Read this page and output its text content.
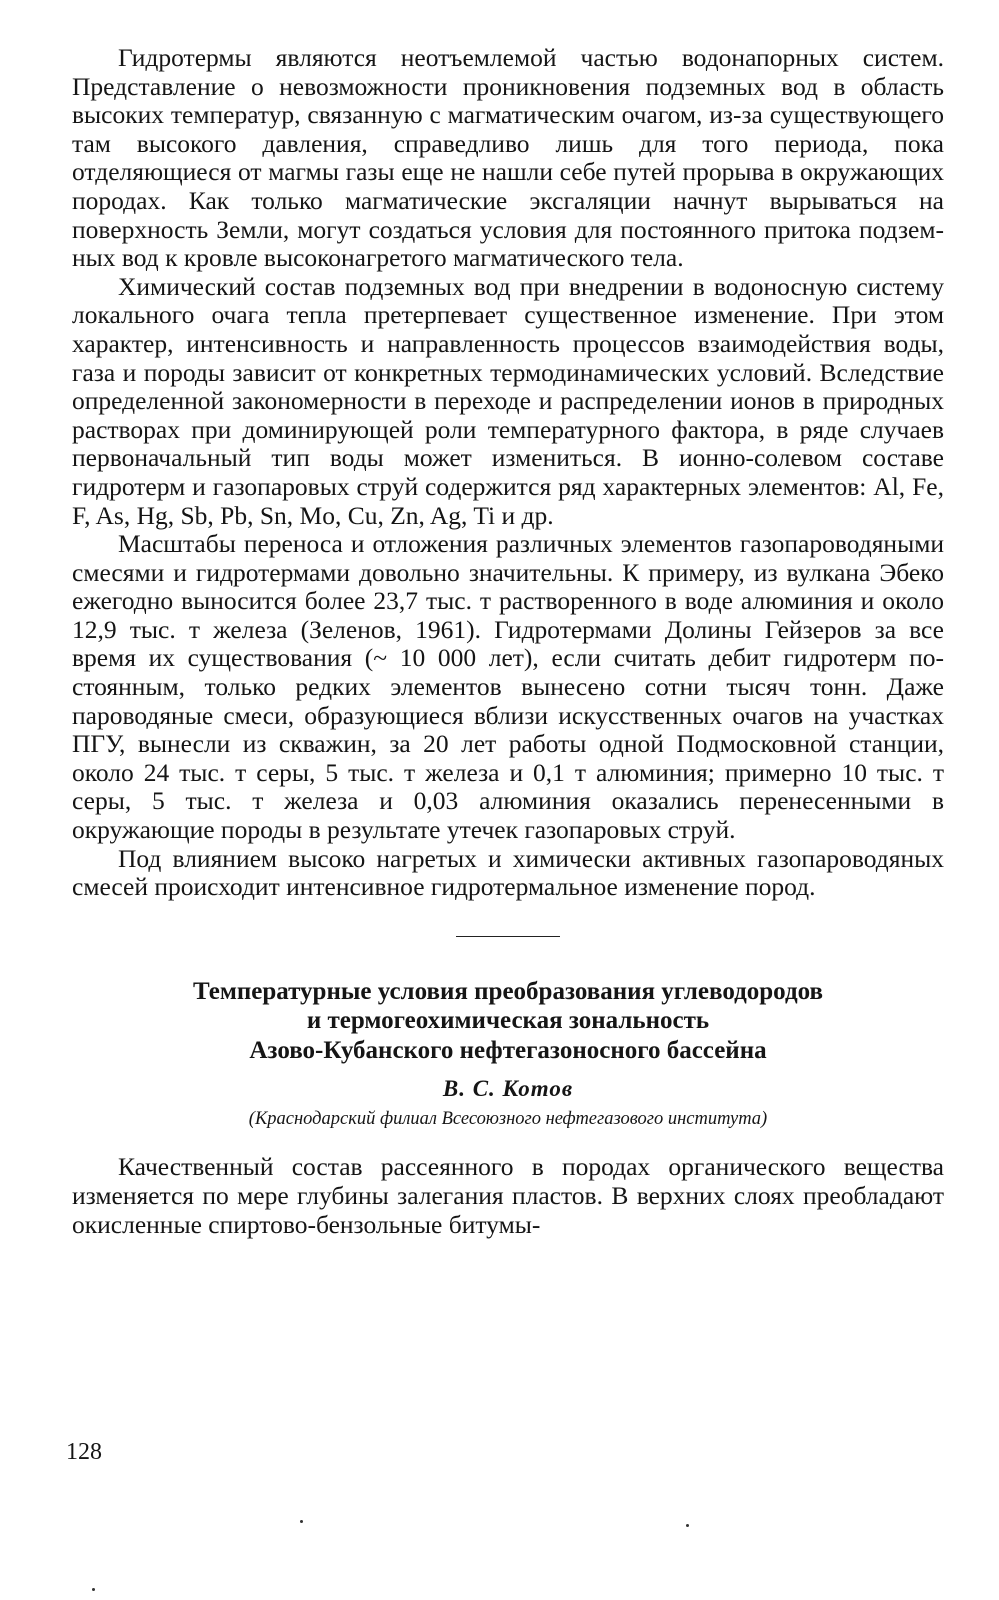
Гидротермы являются неотъемлемой частью водонапорных систем. Представление о невозможности проникновения подземных вод в область высоких температур, связанную с магматическим очагом, из-за существующего там высокого давления, справедливо лишь для того периода, пока отделяющиеся от магмы газы еще не нашли себе путей прорыва в окружающих породах. Как только магматические эксгаляции начнут вырываться на поверхность Земли, могут создаться условия для постоянного притока подземных вод к кровле высоконагретого магматического тела.

Химический состав подземных вод при внедрении в водоносную систему локального очага тепла претерпевает существенное изменение. При этом характер, интенсивность и направленность процессов взаимодействия воды, газа и породы зависит от конкретных термодинамических условий. Вследствие определенной закономерности в переходе и распределении ионов в природных растворах при доминирующей роли температурного фактора, в ряде случаев первоначальный тип воды может измениться. В ионно-солевом составе гидротерм и газопаровых струй содержится ряд характерных элементов: Al, Fe, F, As, Hg, Sb, Pb, Sn, Mo, Cu, Zn, Ag, Ti и др.

Масштабы переноса и отложения различных элементов газопароводяными смесями и гидротермами довольно значительны. К примеру, из вулкана Эбеко ежегодно выносится более 23,7 тыс. т растворенного в воде алюминия и около 12,9 тыс. т железа (Зеленов, 1961). Гидротермами Долины Гейзеров за все время их существования (~ 10 000 лет), если считать дебит гидротерм постоянным, только редких элементов вынесено сотни тысяч тонн. Даже пароводяные смеси, образующиеся вблизи искусственных очагов на участках ПГУ, вынесли из скважин, за 20 лет работы одной Подмосковной станции, около 24 тыс. т серы, 5 тыс. т железа и 0,1 т алюминия; примерно 10 тыс. т серы, 5 тыс. т железа и 0,03 алюминия оказались перенесенными в окружающие породы в результате утечек газопаровых струй.

Под влиянием высоко нагретых и химически активных газопароводяных смесей происходит интенсивное гидротермальное изменение пород.

Температурные условия преобразования углеводородов
и термогеохимическая зональность
Азово-Кубанского нефтегазоносного бассейна

В. С. Котов

(Краснодарский филиал Всесоюзного нефтегазового института)

Качественный состав рассеянного в породах органического вещества изменяется по мере глубины залегания пластов. В верхних слоях преобладают окисленные спиртово-бензольные битумы-

128
